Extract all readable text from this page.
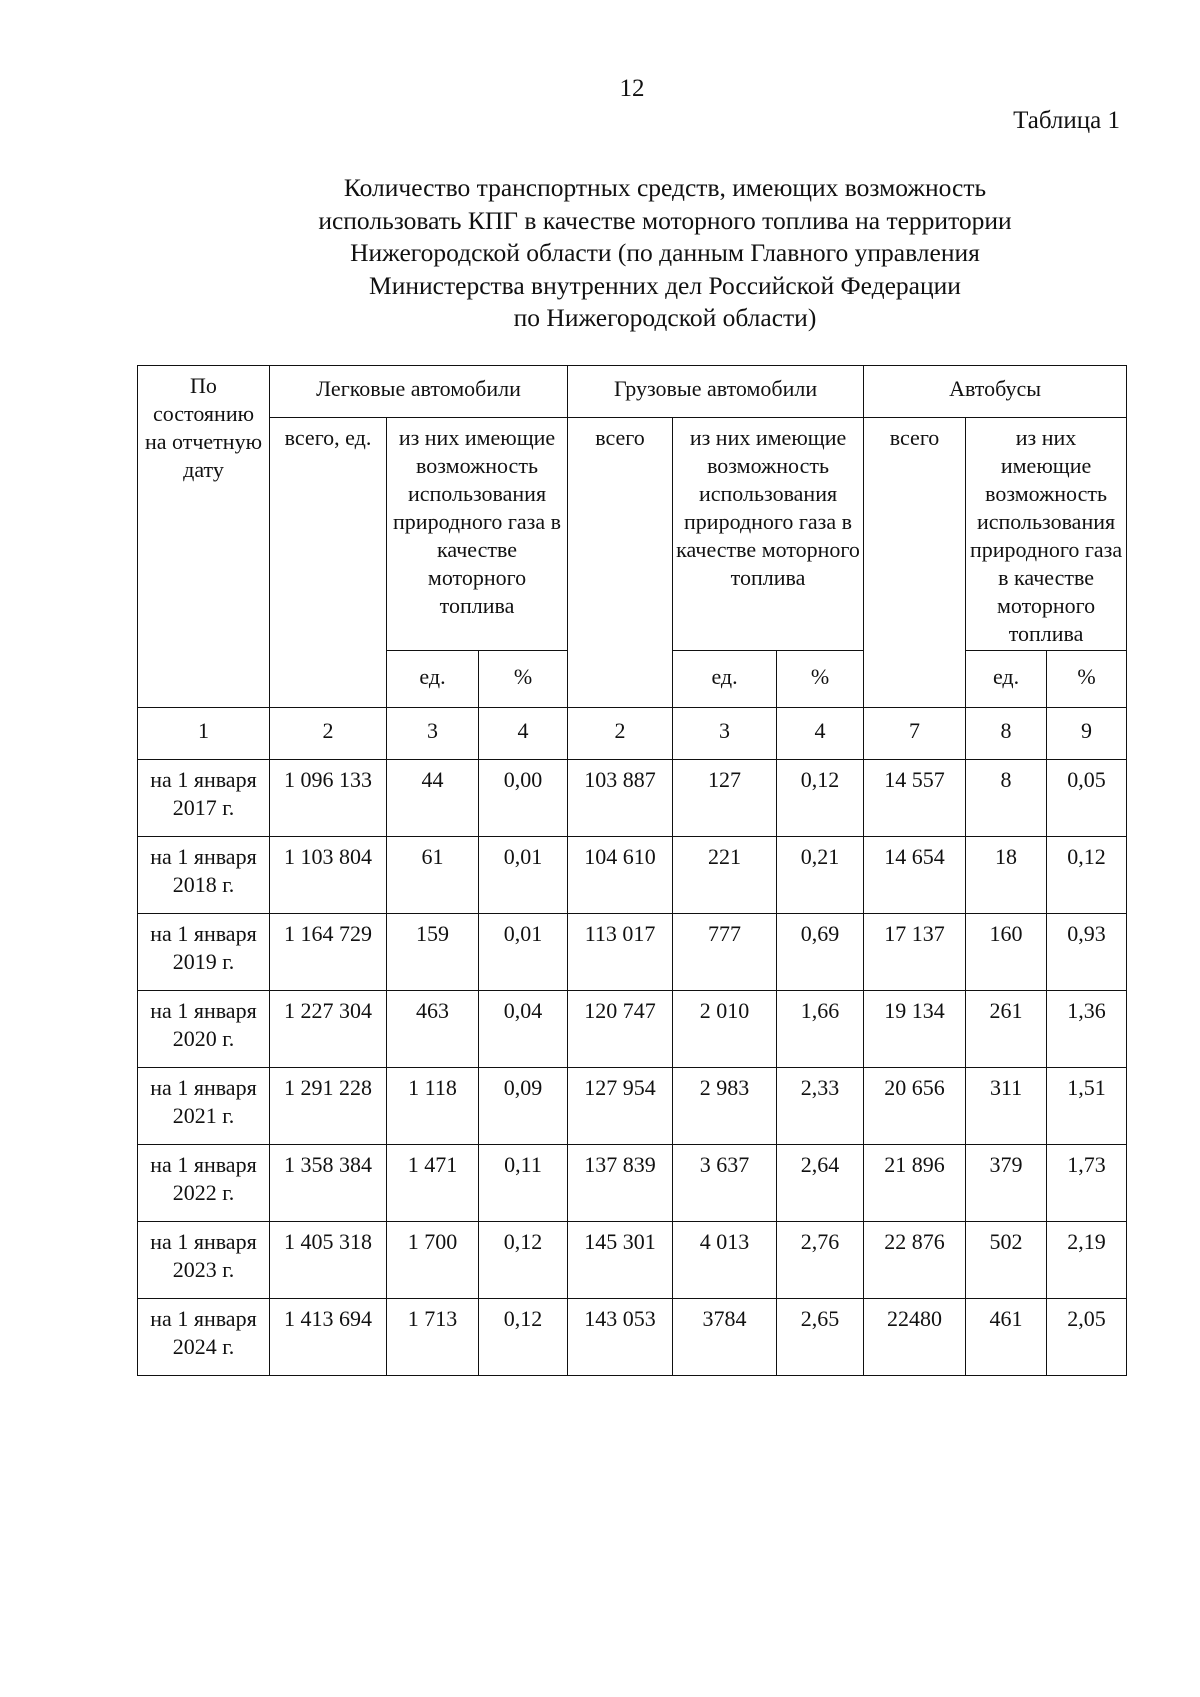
12
Таблица 1
Количество транспортных средств, имеющих возможность
использовать КПГ в качестве моторного топлива на территории
Нижегородской области (по данным Главного управления
Министерства внутренних дел Российской Федерации
по Нижегородской области)
По состоянию на отчетную дату	Легковые автомобили			Грузовые автомобили			Автобусы		
	всего, ед.	из них имеющие возможность использования природного газа в качестве моторного топлива		всего	из них имеющие возможность использования природного газа в качестве моторного топлива		всего	из них имеющие возможность использования природного газа в качестве моторного топлива	
		ед.	%		ед.	%		ед.	%
1	2	3	4	2	3	4	7	8	9

на 1 января
2017 г.	1 096 133	44	0,00	103 887	127	0,12	14 557	8	0,05

на 1 января
2018 г.	1 103 804	61	0,01	104 610	221	0,21	14 654	18	0,12

на 1 января
2019 г.	1 164 729	159	0,01	113 017	777	0,69	17 137	160	0,93

на 1 января
2020 г.	1 227 304	463	0,04	120 747	2 010	1,66	19 134	261	1,36

на 1 января
2021 г.	1 291 228	1 118	0,09	127 954	2 983	2,33	20 656	311	1,51

на 1 января
2022 г.	1 358 384	1 471	0,11	137 839	3 637	2,64	21 896	379	1,73

на 1 января
2023 г.	1 405 318	1 700	0,12	145 301	4 013	2,76	22 876	502	2,19

на 1 января
2024 г.	1 413 694	1 713	0,12	143 053	3784	2,65	22480	461	2,05
